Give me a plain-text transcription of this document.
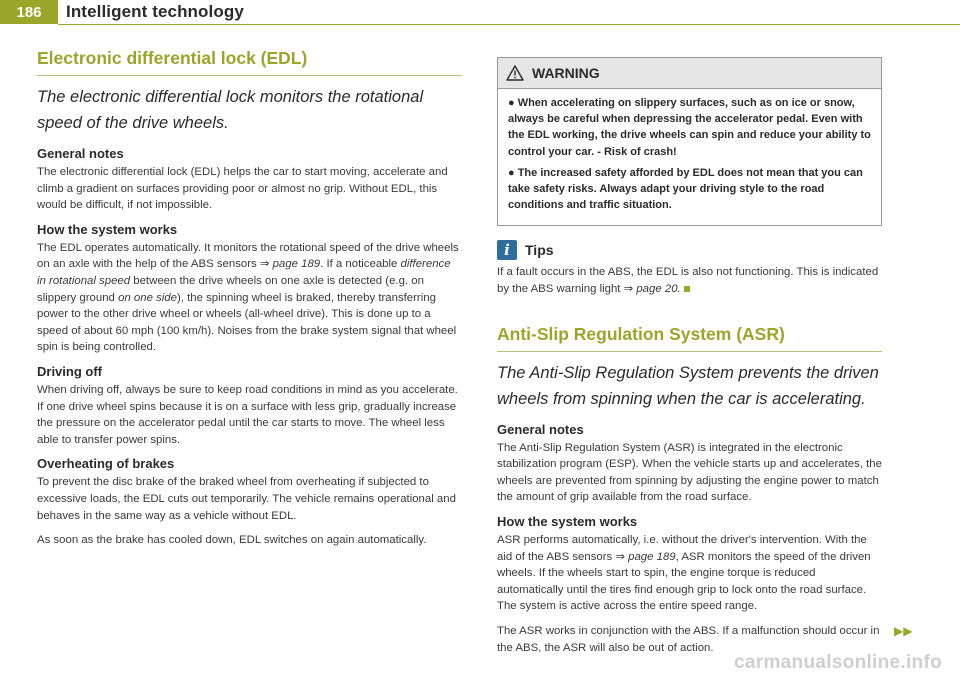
186	Intelligent technology
Electronic differential lock (EDL)
The electronic differential lock monitors the rotational speed of the drive wheels.
General notes

The electronic differential lock (EDL) helps the car to start moving, accelerate and climb a gradient on surfaces providing poor or almost no grip. Without EDL, this would be difficult, if not impossible.

How the system works

The EDL operates automatically. It monitors the rotational speed of the drive wheels on an axle with the help of the ABS sensors ⇒ page 189. If a noticeable difference in rotational speed between the drive wheels on one axle is detected (e.g. on slippery ground on one side), the spinning wheel is braked, thereby transferring power to the other drive wheel or wheels (all-wheel drive). This is done up to a speed of about 60 mph (100 km/h). Noises from the brake system signal that wheel spin is being controlled.

Driving off

When driving off, always be sure to keep road conditions in mind as you accelerate. If one drive wheel spins because it is on a surface with less grip, gradually increase the pressure on the accelerator pedal until the car starts to move. The wheel less able to transfer power spins.

Overheating of brakes

To prevent the disc brake of the braked wheel from overheating if subjected to excessive loads, the EDL cuts out temporarily. The vehicle remains operational and behaves in the same way as a vehicle without EDL.

As soon as the brake has cooled down, EDL switches on again automatically.

WARNING

● When accelerating on slippery surfaces, such as on ice or snow, always be careful when depressing the accelerator pedal. Even with the EDL working, the drive wheels can spin and reduce your ability to control your car. - Risk of crash!

● The increased safety afforded by EDL does not mean that you can take safety risks. Always adapt your driving style to the road conditions and traffic situation.

i	Tips

If a fault occurs in the ABS, the EDL is also not functioning. This is indicated by the ABS warning light ⇒ page 20.

Anti-Slip Regulation System (ASR)
The Anti-Slip Regulation System prevents the driven wheels from spinning when the car is accelerating.
General notes

The Anti-Slip Regulation System (ASR) is integrated in the electronic stabilization program (ESP). When the vehicle starts up and accelerates, the wheels are prevented from spinning by adjusting the engine power to match the amount of grip available from the road surface.

How the system works

ASR performs automatically, i.e. without the driver's intervention. With the aid of the ABS sensors ⇒ page 189, ASR monitors the speed of the driven wheels. If the wheels start to spin, the engine torque is reduced automatically until the tires find enough grip to lock onto the road surface. The system is active across the entire speed range.

The ASR works in conjunction with the ABS. If a malfunction should occur in the ABS, the ASR will also be out of action.
▶▶

carmanualsonline.info
